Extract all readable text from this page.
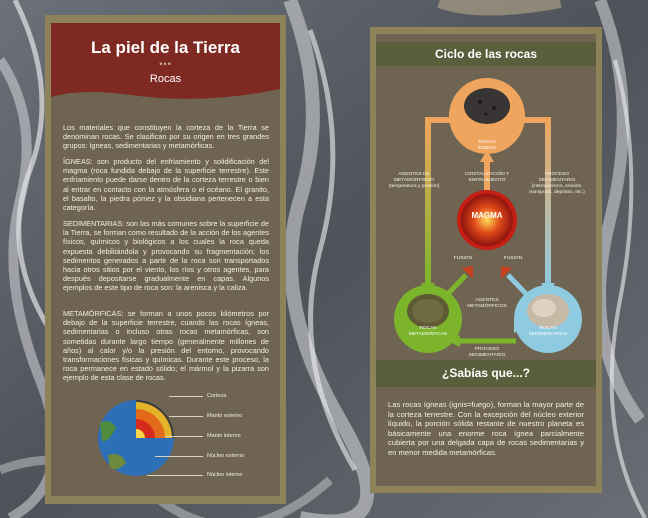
La piel de la Tierra
•••
Rocas
Los materiales que constituyen la corteza de la Tierra se denominan rocas. Se clasifican por su origen en tres grandes grupos: ígneas, sedimentarias y metamórficas.
ÍGNEAS: son producto del enfriamiento y solidificación del magma (roca fundida debajo de la superficie terrestre). Este enfriamiento puede darse dentro de la corteza terrestre o bien al entrar en contacto con la atmósfera o el océano. El granito, el basalto, la piedra pómez y la obsidiana pertenecen a esta categoría.
SEDIMENTARIAS: son las más comunes sobre la superficie de la Tierra, se forman como resultado de la acción de los agentes físicos, químicos y biológicos a los cuales la roca queda expuesta debilitándola y provocando su fragmentación; los sedimentos generados a partir de la roca son transportados hacia otros sitios por el viento, los ríos y otros agentes, para después depositarse gradualmente en capas. Algunos ejemplos de este tipo de roca son: la arenisca y la caliza.
METAMÓRFICAS: se forman a unos pocos kilómetros por debajo de la superficie terrestre, cuando las rocas ígneas, sedimentarias o incluso otras rocas metamórficas, son sometidas durante largo tiempo (generalmente millones de años) al calor y/o la presión del entorno, provocando transformaciones físicas y químicas. Durante este proceso, la roca permanece en estado sólido; el mármol y la pizarra son ejemplo de esta clase de rocas.
Corteza
Manto externo
Manto interno
Núcleo externo
Núcleo interno
Ciclo de las rocas
ROCAS ÍGNEAS
MAGMA
ROCAS METAMÓRFICAS
ROCAS SEDIMENTARIAS
AGENTES DE METAMORFISMO (temperatura y presión)
CRISTALIZACIÓN Y ENFRIAMIENTO
PROCESO SEDIMENTARIO (intemperismo, erosión, transporte, depósito, etc.)
FUSIÓN	FUSIÓN
AGENTES METAMÓRFICOS
PROCESO SEDIMENTARIO
¿Sabías que...?
Las rocas ígneas (ignis=fuego), forman la mayor parte de la corteza terrestre. Con la excepción del núcleo exterior líquido, la porción sólida restante de nuestro planeta es básicamente una enorme roca ígnea parcialmente cubierta por una delgada capa de rocas sedimentarias y en menor medida metamórficas.
